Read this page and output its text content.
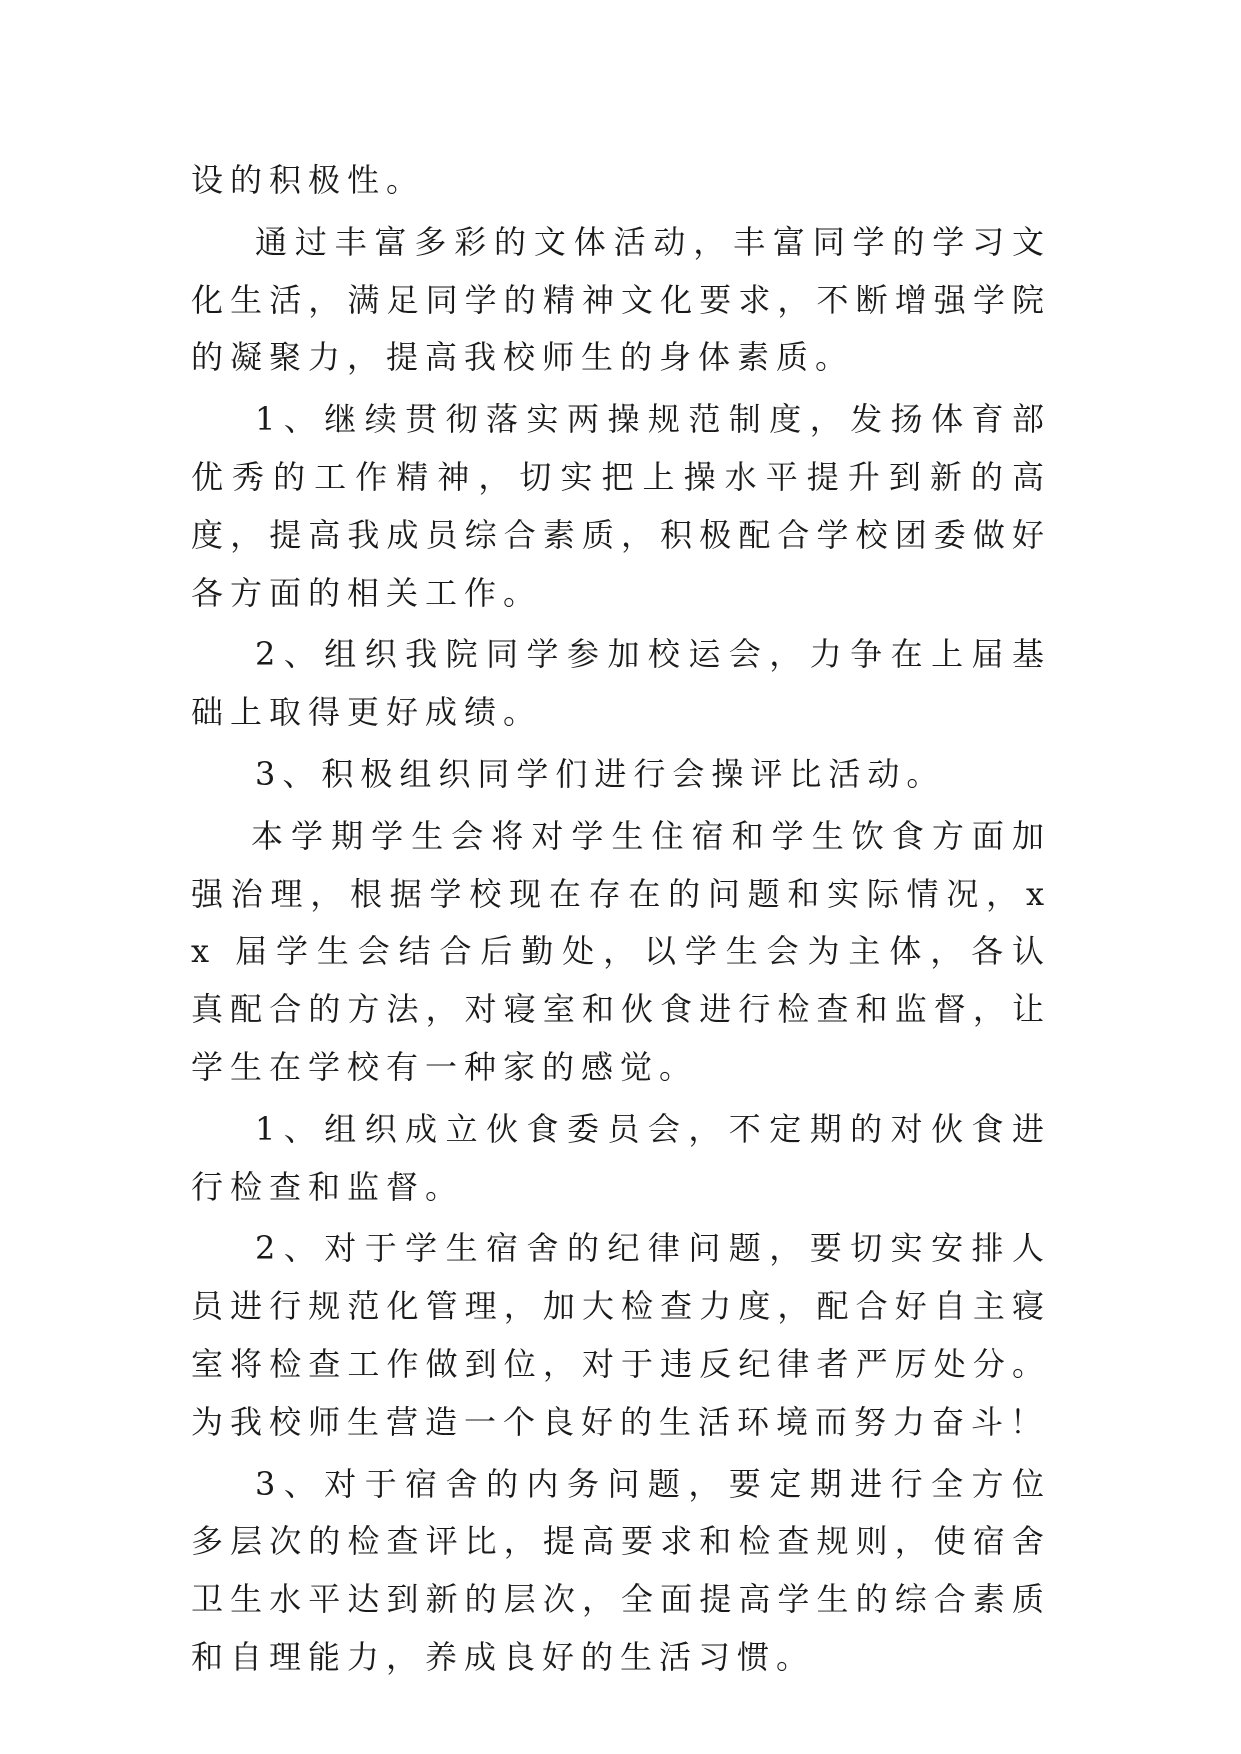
设的积极性。

通过丰富多彩的文体活动，丰富同学的学习文化生活，满足同学的精神文化要求，不断增强学院的凝聚力，提高我校师生的身体素质。

1、继续贯彻落实两操规范制度，发扬体育部优秀的工作精神，切实把上操水平提升到新的高度，提高我成员综合素质，积极配合学校团委做好各方面的相关工作。

2、组织我院同学参加校运会，力争在上届基础上取得更好成绩。

3、积极组织同学们进行会操评比活动。

本学期学生会将对学生住宿和学生饮食方面加强治理，根据学校现在存在的问题和实际情况，xx 届学生会结合后勤处，以学生会为主体，各认真配合的方法，对寝室和伙食进行检查和监督，让学生在学校有一种家的感觉。

1、组织成立伙食委员会，不定期的对伙食进行检查和监督。

2、对于学生宿舍的纪律问题，要切实安排人员进行规范化管理，加大检查力度，配合好自主寝室将检查工作做到位，对于违反纪律者严厉处分。为我校师生营造一个良好的生活环境而努力奋斗！

3、对于宿舍的内务问题，要定期进行全方位多层次的检查评比，提高要求和检查规则，使宿舍卫生水平达到新的层次，全面提高学生的综合素质和自理能力，养成良好的生活习惯。
